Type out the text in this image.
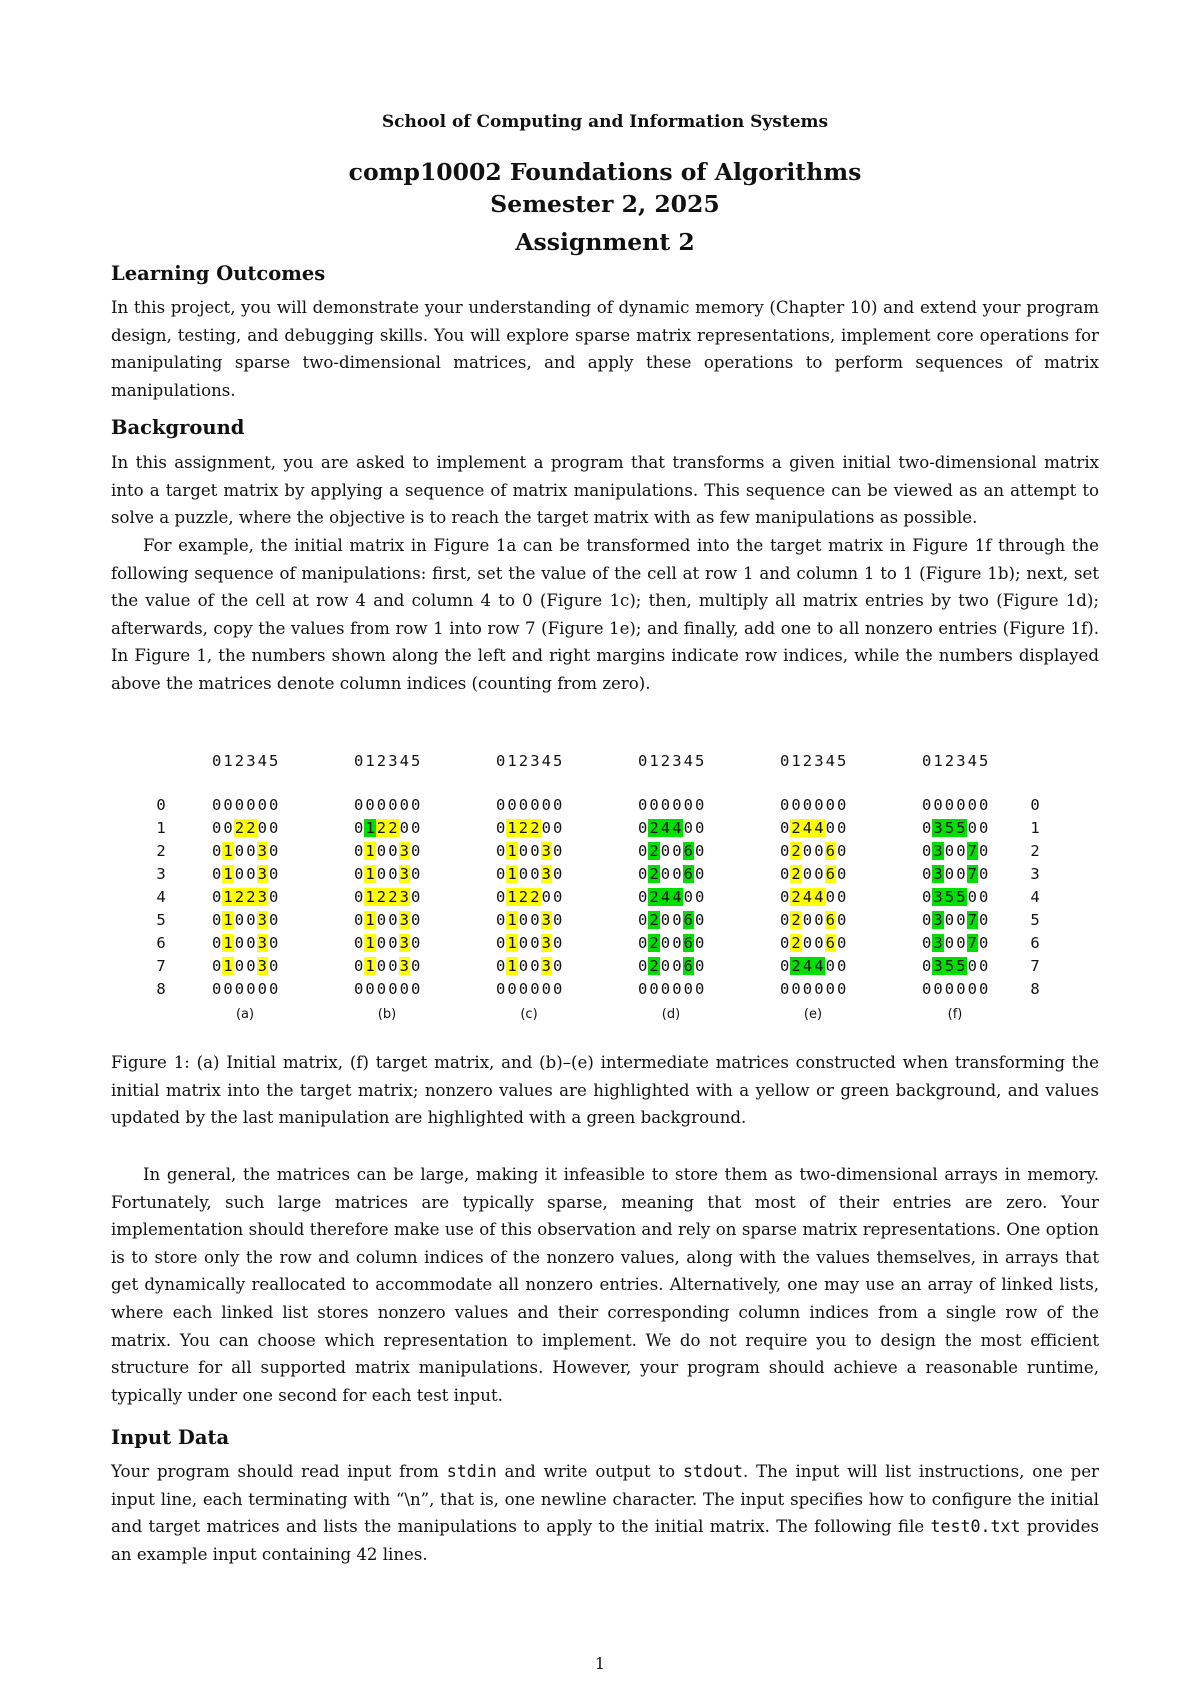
School of Computing and Information Systems
comp10002 Foundations of Algorithms
Semester 2, 2025
Assignment 2
Learning Outcomes

In this project, you will demonstrate your understanding of dynamic memory (Chapter 10) and extend your program design, testing, and debugging skills. You will explore sparse matrix representations, implement core operations for manipulating sparse two-dimensional matrices, and apply these operations to perform sequences of matrix manipulations.

Background

In this assignment, you are asked to implement a program that transforms a given initial two-dimensional matrix into a target matrix by applying a sequence of matrix manipulations. This sequence can be viewed as an attempt to solve a puzzle, where the objective is to reach the target matrix with as few manipulations as possible.

For example, the initial matrix in Figure 1a can be transformed into the target matrix in Figure 1f through the following sequence of manipulations: first, set the value of the cell at row 1 and column 1 to 1 (Figure 1b); next, set the value of the cell at row 4 and column 4 to 0 (Figure 1c); then, multiply all matrix entries by two (Figure 1d); afterwards, copy the values from row 1 into row 7 (Figure 1e); and finally, add one to all nonzero entries (Figure 1f). In Figure 1, the numbers shown along the left and right margins indicate row indices, while the numbers displayed above the matrices denote column indices (counting from zero).

0 1 2 3 4 5	0 1 2 3 4 5	0 1 2 3 4 5	0 1 2 3 4 5	0 1 2 3 4 5	0 1 2 3 4 5
0	0 0 0 0 0 0	0 0 0 0 0 0	0 0 0 0 0 0	0 0 0 0 0 0	0 0 0 0 0 0	0 0 0 0 0 0	0
1	0 0 2 2 0 0	0 1 2 2 0 0	0 1 2 2 0 0	0 2 4 4 0 0	0 2 4 4 0 0	0 3 5 5 0 0	1
2	0 1 0 0 3 0	0 1 0 0 3 0	0 1 0 0 3 0	0 2 0 0 6 0	0 2 0 0 6 0	0 3 0 0 7 0	2
3	0 1 0 0 3 0	0 1 0 0 3 0	0 1 0 0 3 0	0 2 0 0 6 0	0 2 0 0 6 0	0 3 0 0 7 0	3
4	0 1 2 2 3 0	0 1 2 2 3 0	0 1 2 2 0 0	0 2 4 4 0 0	0 2 4 4 0 0	0 3 5 5 0 0	4
5	0 1 0 0 3 0	0 1 0 0 3 0	0 1 0 0 3 0	0 2 0 0 6 0	0 2 0 0 6 0	0 3 0 0 7 0	5
6	0 1 0 0 3 0	0 1 0 0 3 0	0 1 0 0 3 0	0 2 0 0 6 0	0 2 0 0 6 0	0 3 0 0 7 0	6
7	0 1 0 0 3 0	0 1 0 0 3 0	0 1 0 0 3 0	0 2 0 0 6 0	0 2 4 4 0 0	0 3 5 5 0 0	7
8	0 0 0 0 0 0	0 0 0 0 0 0	0 0 0 0 0 0	0 0 0 0 0 0	0 0 0 0 0 0	0 0 0 0 0 0	8
(a)	(b)	(c)	(d)	(e)	(f)

Figure 1: (a) Initial matrix, (f) target matrix, and (b)–(e) intermediate matrices constructed when transforming the initial matrix into the target matrix; nonzero values are highlighted with a yellow or green background, and values updated by the last manipulation are highlighted with a green background.

In general, the matrices can be large, making it infeasible to store them as two-dimensional arrays in memory. Fortunately, such large matrices are typically sparse, meaning that most of their entries are zero. Your implementation should therefore make use of this observation and rely on sparse matrix representations. One option is to store only the row and column indices of the nonzero values, along with the values themselves, in arrays that get dynamically reallocated to accommodate all nonzero entries. Alternatively, one may use an array of linked lists, where each linked list stores nonzero values and their corresponding column indices from a single row of the matrix. You can choose which representation to implement. We do not require you to design the most efficient structure for all supported matrix manipulations. However, your program should achieve a reasonable runtime, typically under one second for each test input.

Input Data

Your program should read input from stdin and write output to stdout. The input will list instructions, one per input line, each terminating with “\n”, that is, one newline character. The input specifies how to configure the initial and target matrices and lists the manipulations to apply to the initial matrix. The following file test0.txt provides an example input containing 42 lines.

1
